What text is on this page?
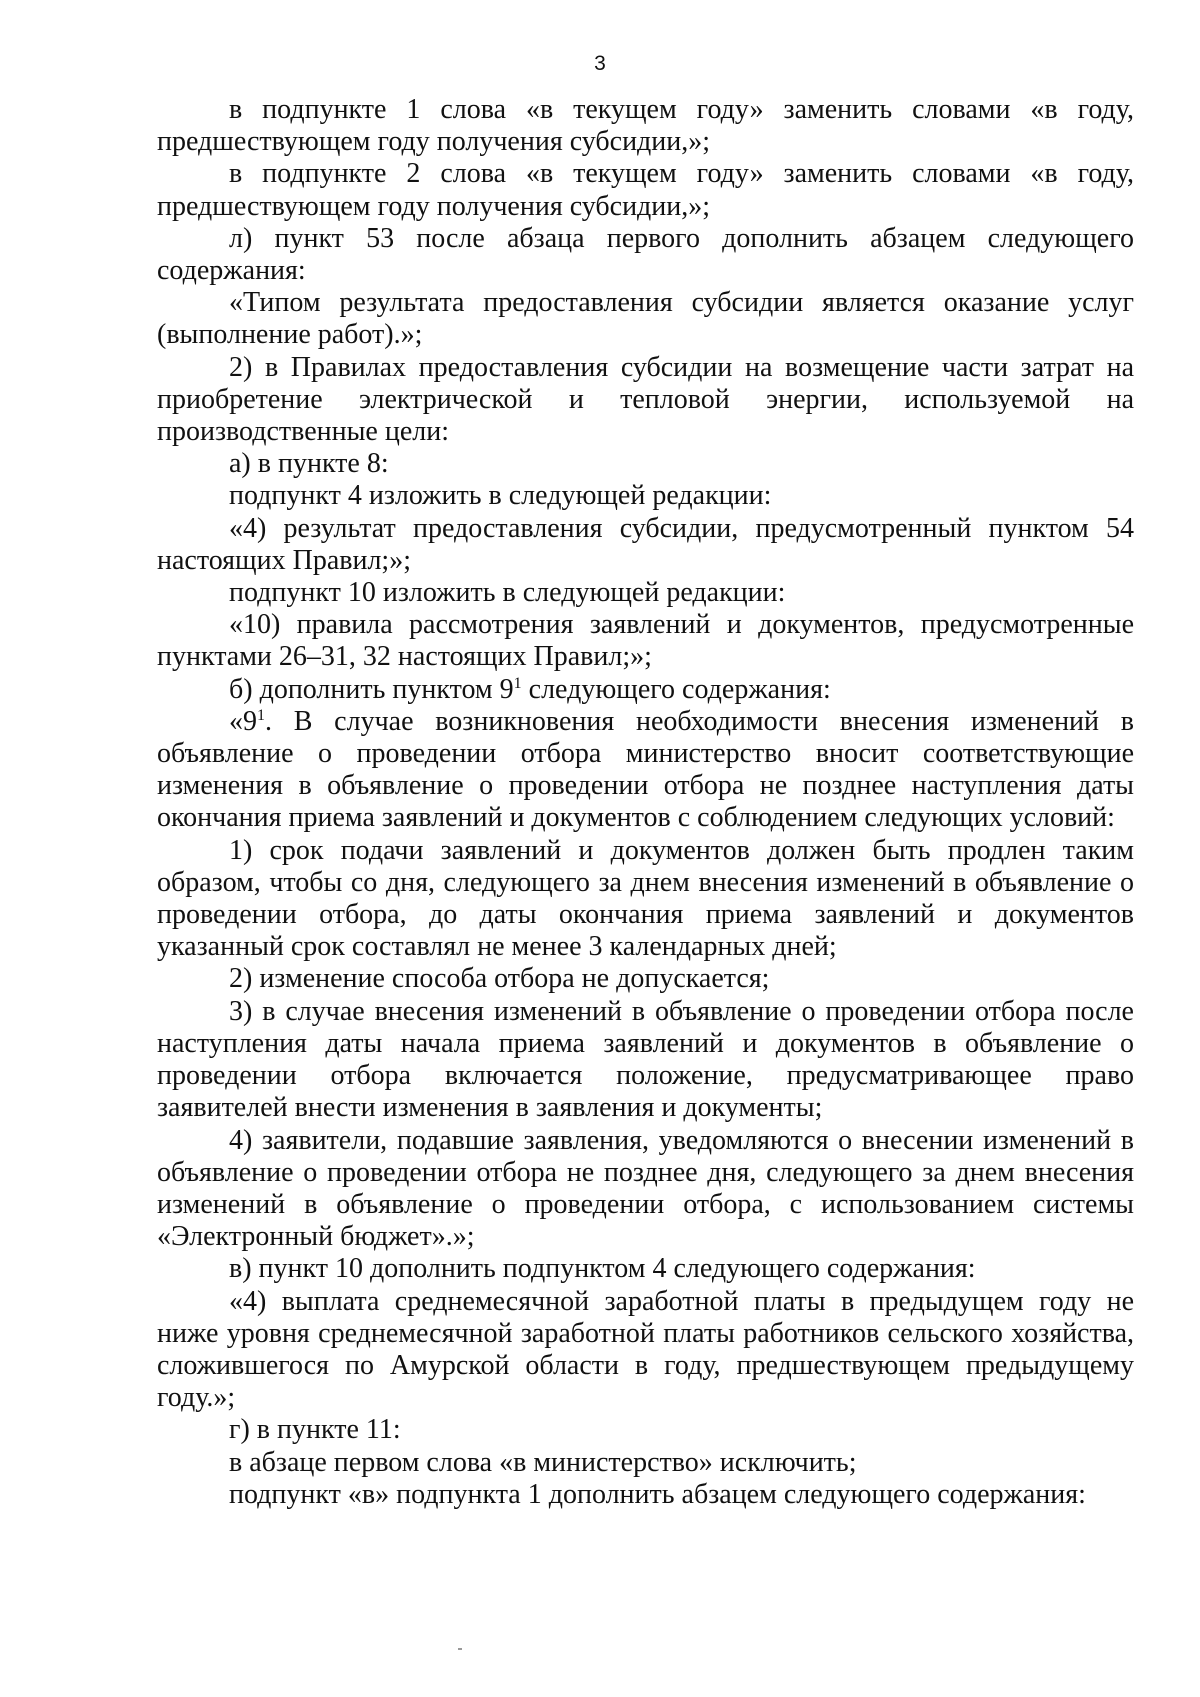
3

в подпункте 1 слова «в текущем году» заменить словами «в году, предшествующем году получения субсидии,»;

в подпункте 2 слова «в текущем году» заменить словами «в году, предшествующем году получения субсидии,»;

л) пункт 53 после абзаца первого дополнить абзацем следующего содержания:

«Типом результата предоставления субсидии является оказание услуг (выполнение работ).»;

2) в Правилах предоставления субсидии на возмещение части затрат на приобретение электрической и тепловой энергии, используемой на производственные цели:

а) в пункте 8:

подпункт 4 изложить в следующей редакции:

«4) результат предоставления субсидии, предусмотренный пунктом 54 настоящих Правил;»;

подпункт 10 изложить в следующей редакции:

«10) правила рассмотрения заявлений и документов, предусмотренные пунктами 26–31, 32 настоящих Правил;»;

б) дополнить пунктом $9^1$ следующего содержания:

«$9^1$. В случае возникновения необходимости внесения изменений в объявление о проведении отбора министерство вносит соответствующие изменения в объявление о проведении отбора не позднее наступления даты окончания приема заявлений и документов с соблюдением следующих условий:

1) срок подачи заявлений и документов должен быть продлен таким образом, чтобы со дня, следующего за днем внесения изменений в объявление о проведении отбора, до даты окончания приема заявлений и документов указанный срок составлял не менее 3 календарных дней;

2) изменение способа отбора не допускается;

3) в случае внесения изменений в объявление о проведении отбора после наступления даты начала приема заявлений и документов в объявление о проведении отбора включается положение, предусматривающее право заявителей внести изменения в заявления и документы;

4) заявители, подавшие заявления, уведомляются о внесении изменений в объявление о проведении отбора не позднее дня, следующего за днем внесения изменений в объявление о проведении отбора, с использованием системы «Электронный бюджет».»;

в) пункт 10 дополнить подпунктом 4 следующего содержания:

«4) выплата среднемесячной заработной платы в предыдущем году не ниже уровня среднемесячной заработной платы работников сельского хозяйства, сложившегося по Амурской области в году, предшествующем предыдущему году.»;

г) в пункте 11:

в абзаце первом слова «в министерство» исключить;

подпункт «в» подпункта 1 дополнить абзацем следующего содержания:
